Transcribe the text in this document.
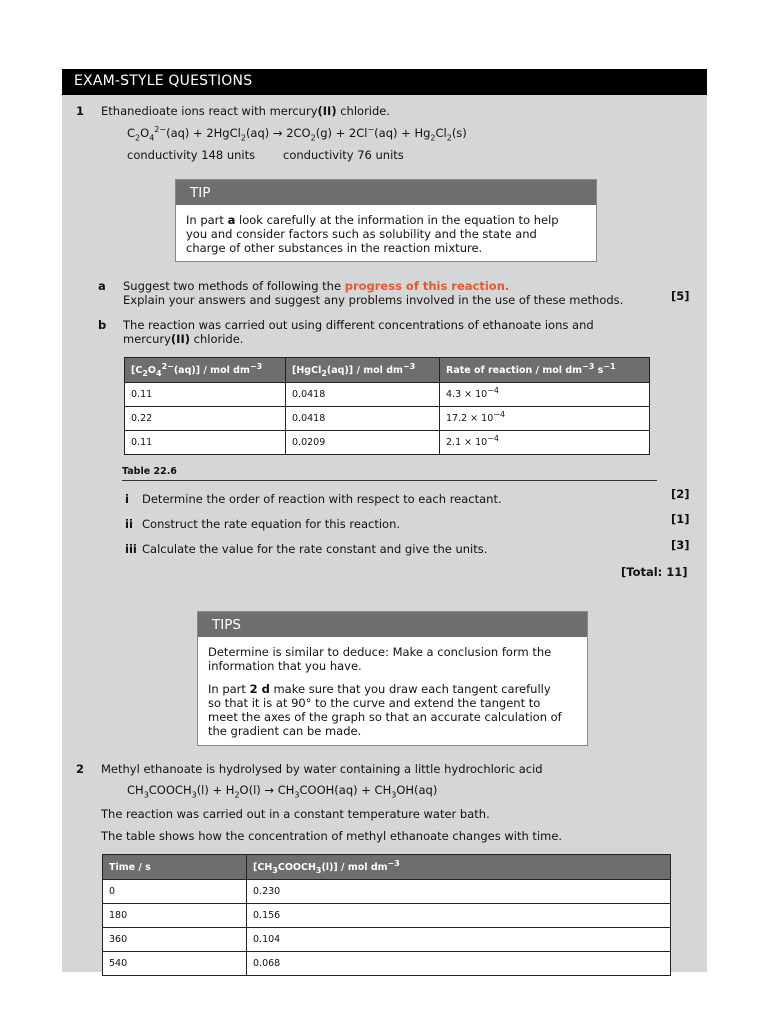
EXAM-STYLE QUESTIONS
1 Ethanedioate ions react with mercury(II) chloride.
$C_2O_4^{2-}(aq)$ + 2HgCl$_2$(aq) → $2CO_2(g) + 2Cl^-(aq) + Hg_2Cl_2(s)$
conductivity 148 units conductivity 76 units
TIP
In part a look carefully at the information in the equation to help
you and consider factors such as solubility and the state and
charge of other substances in the reaction mixture.
a Suggest two methods of following the progress of this reaction.
Explain your answers and suggest any problems involved in the use of these methods.	[5]
b The reaction was carried out using different concentrations of ethanoate ions and
mercury(II) chloride.
$[C_2O_4^{2-}(aq)]$ / mol $dm^{-3}$	[HgCl$_2$(aq)] / mol $dm^{-3}$	Rate of reaction / mol $dm^{-3}$ $s^{-1}$
0.11	0.0418	$4.3 \times 10^{-4}$
0.22	0.0418	$17.2 \times 10^{-4}$
0.11	0.0209	$2.1 \times 10^{-4}$
Table 22.6
i Determine the order of reaction with respect to each reactant.	[2]
ii Construct the rate equation for this reaction.	[1]
iii Calculate the value for the rate constant and give the units.	[3]
[Total: 11]
TIPS

Determine is similar to deduce: Make a conclusion form the
information that you have.

In part 2 d make sure that you draw each tangent carefully
so that it is at 90° to the curve and extend the tangent to
meet the axes of the graph so that an accurate calculation of
the gradient can be made.

2 Methyl ethanoate is hydrolysed by water containing a little hydrochloric acid
$CH_3COOCH_3(l) + H_2O(l)$ → $CH_3COOH(aq) + CH_3OH(aq)$
The reaction was carried out in a constant temperature water bath.
The table shows how the concentration of methyl ethanoate changes with time.
Time / s	$[CH_3COOCH_3(l)]$ / mol $dm^{-3}$
0	0.230
180	0.156
360	0.104
540	0.068
